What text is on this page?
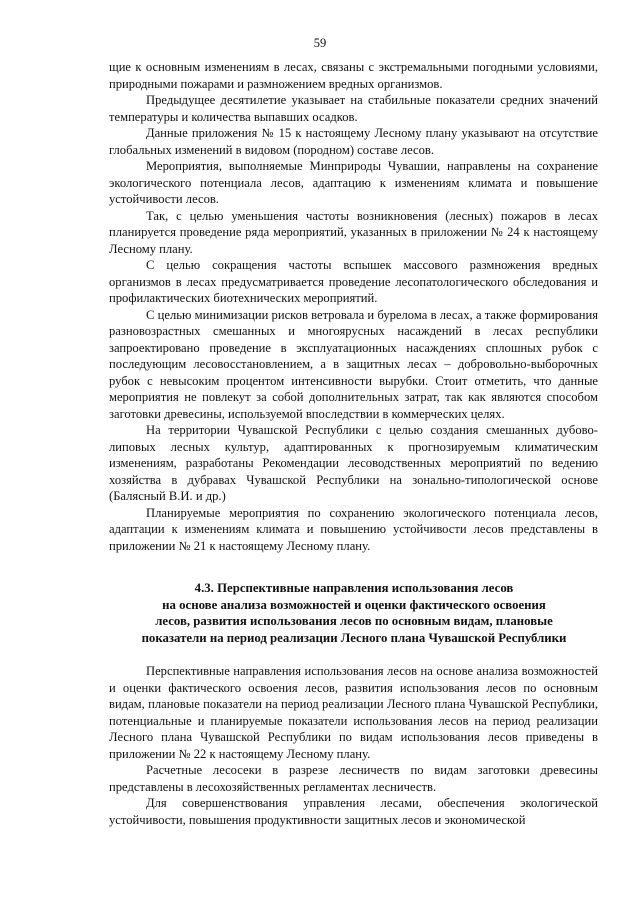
59

щие к основным изменениям в лесах, связаны с экстремальными погодными условиями, природными пожарами и размножением вредных организмов.

Предыдущее десятилетие указывает на стабильные показатели средних значений температуры и количества выпавших осадков.

Данные приложения № 15 к настоящему Лесному плану указывают на отсутствие глобальных изменений в видовом (породном) составе лесов.

Мероприятия, выполняемые Минприроды Чувашии, направлены на сохранение экологического потенциала лесов, адаптацию к изменениям климата и повышение устойчивости лесов.

Так, с целью уменьшения частоты возникновения (лесных) пожаров в лесах планируется проведение ряда мероприятий, указанных в приложении № 24 к настоящему Лесному плану.

С целью сокращения частоты вспышек массового размножения вредных организмов в лесах предусматривается проведение лесопатологического обследования и профилактических биотехнических мероприятий.

С целью минимизации рисков ветровала и бурелома в лесах, а также формирования разновозрастных смешанных и многоярусных насаждений в лесах республики запроектировано проведение в эксплуатационных насаждениях сплошных рубок с последующим лесовосстановлением, а в защитных лесах – добровольно-выборочных рубок с невысоким процентом интенсивности вырубки. Стоит отметить, что данные мероприятия не повлекут за собой дополнительных затрат, так как являются способом заготовки древесины, используемой впоследствии в коммерческих целях.

На территории Чувашской Республики с целью создания смешанных дубово-липовых лесных культур, адаптированных к прогнозируемым климатическим изменениям, разработаны Рекомендации лесоводственных мероприятий по ведению хозяйства в дубравах Чувашской Республики на зонально-типологической основе (Балясный В.И. и др.)

Планируемые мероприятия по сохранению экологического потенциала лесов, адаптации к изменениям климата и повышению устойчивости лесов представлены в приложении № 21 к настоящему Лесному плану.

4.3. Перспективные направления использования лесов
на основе анализа возможностей и оценки фактического освоения
лесов, развития использования лесов по основным видам, плановые
показатели на период реализации Лесного плана Чувашской Республики

Перспективные направления использования лесов на основе анализа возможностей и оценки фактического освоения лесов, развития использования лесов по основным видам, плановые показатели на период реализации Лесного плана Чувашской Республики, потенциальные и планируемые показатели использования лесов на период реализации Лесного плана Чувашской Республики по видам использования лесов приведены в приложении № 22 к настоящему Лесному плану.

Расчетные лесосеки в разрезе лесничеств по видам заготовки древесины представлены в лесохозяйственных регламентах лесничеств.

Для совершенствования управления лесами, обеспечения экологической устойчивости, повышения продуктивности защитных лесов и экономической
